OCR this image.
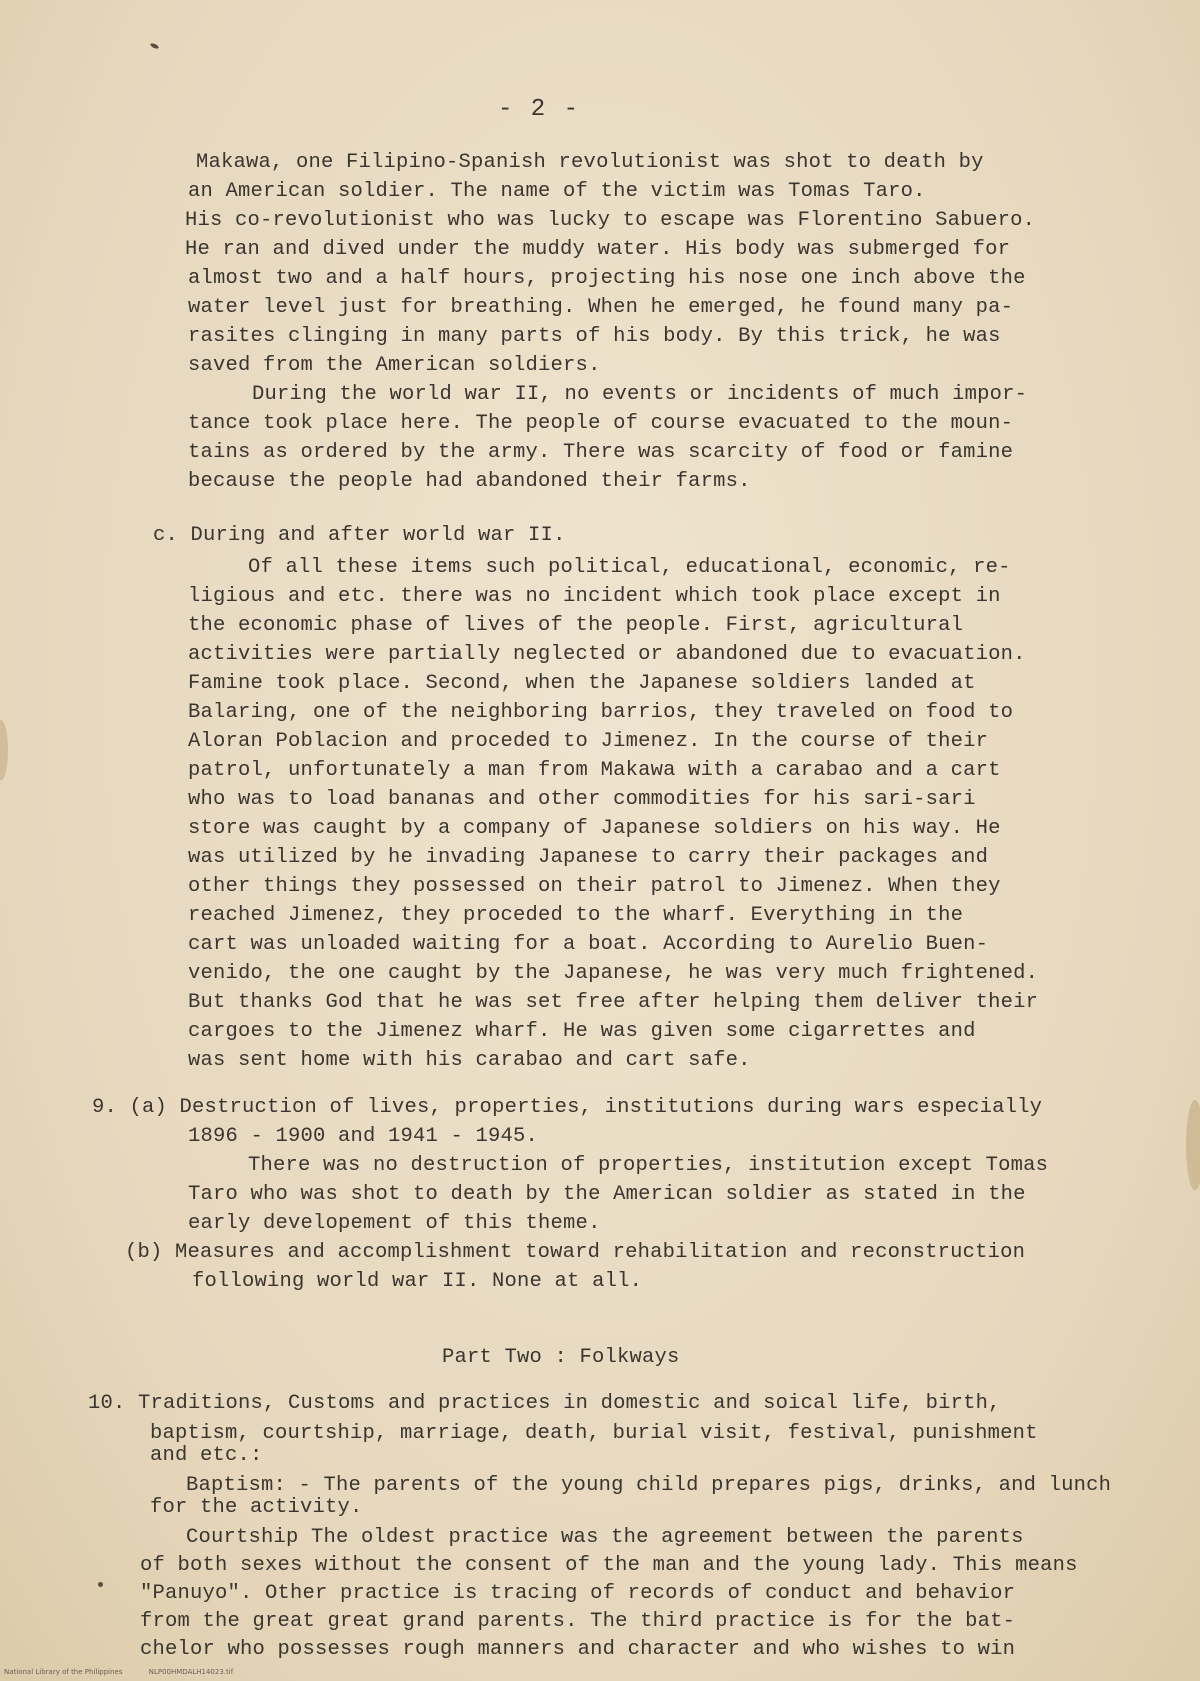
- 2 -
Makawa, one Filipino-Spanish revolutionist was shot to death by
an American soldier. The name of the victim was Tomas Taro.
His co-revolutionist who was lucky to escape was Florentino Sabuero.
He ran and dived under the muddy water. His body was submerged for
almost two and a half hours, projecting his nose one inch above the
water level just for breathing. When he emerged, he found many pa-
rasites clinging in many parts of his body. By this trick, he was
saved from the American soldiers.
During the world war II, no events or incidents of much impor-
tance took place here. The people of course evacuated to the moun-
tains as ordered by the army. There was scarcity of food or famine
because the people had abandoned their farms.
c. During and after world war II.
Of all these items such political, educational, economic, re-
ligious and etc. there was no incident which took place except in
the economic phase of lives of the people. First, agricultural
activities were partially neglected or abandoned due to evacuation.
Famine took place. Second, when the Japanese soldiers landed at
Balaring, one of the neighboring barrios, they traveled on food to
Aloran Poblacion and proceded to Jimenez. In the course of their
patrol, unfortunately a man from Makawa with a carabao and a cart
who was to load bananas and other commodities for his sari-sari
store was caught by a company of Japanese soldiers on his way. He
was utilized by he invading Japanese to carry their packages and
other things they possessed on their patrol to Jimenez. When they
reached Jimenez, they proceded to the wharf. Everything in the
cart was unloaded waiting for a boat. According to Aurelio Buen-
venido, the one caught by the Japanese, he was very much frightened.
But thanks God that he was set free after helping them deliver their
cargoes to the Jimenez wharf. He was given some cigarrettes and
was sent home with his carabao and cart safe.
9. (a) Destruction of lives, properties, institutions during wars especially
1896 - 1900 and 1941 - 1945.
There was no destruction of properties, institution except Tomas
Taro who was shot to death by the American soldier as stated in the
early developement of this theme.
(b) Measures and accomplishment toward rehabilitation and reconstruction
following world war II. None at all.
Part Two : Folkways
10. Traditions, Customs and practices in domestic and soical life, birth,
baptism, courtship, marriage, death, burial visit, festival, punishment
and etc.:
Baptism: - The parents of the young child prepares pigs, drinks, and lunch
for the activity.
Courtship The oldest practice was the agreement between the parents
of both sexes without the consent of the man and the young lady. This means
"Panuyo". Other practice is tracing of records of conduct and behavior
from the great great grand parents. The third practice is for the bat-
chelor who possesses rough manners and character and who wishes to win
National Library of the Philippines	NLP00HMDALH14023.tif
